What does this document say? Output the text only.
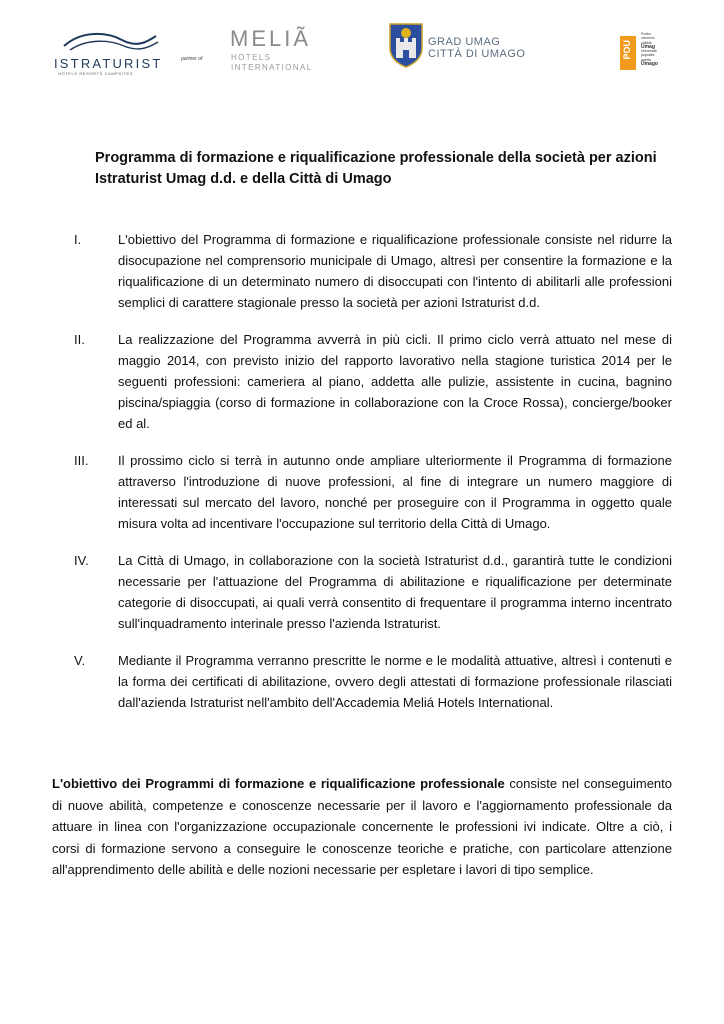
ISTRATURIST
HOTELS RESORTS CAMPSITES
partner of
MELIÃ
HOTELS
INTERNATIONAL
GRAD UMAG
CITTÀ DI UMAGO	POU
Pučko
otvoreno
učilište
Umag
Università
popolare
aperta
Umago
Programma di formazione e riqualificazione professionale della società per azioni Istraturist Umag d.d. e della Città di Umago
I.	L'obiettivo del Programma di formazione e riqualificazione professionale consiste nel ridurre la disocupazione nel comprensorio municipale di Umago, altresì per consentire la formazione e la riqualificazione di un determinato numero di disoccupati con l'intento di abilitarli alle professioni semplici di carattere stagionale presso la società per azioni Istraturist d.d.
II.	La realizzazione del Programma avverrà in più cicli. Il primo ciclo verrà attuato nel mese di maggio 2014, con previsto inizio del rapporto lavorativo nella stagione turistica 2014 per le seguenti professioni: cameriera al piano, addetta alle pulizie, assistente in cucina, bagnino piscina/spiaggia (corso di formazione in collaborazione con la Croce Rossa), concierge/booker ed al.
III. Il prossimo ciclo si terrà in autunno onde ampliare ulteriormente il Programma di formazione attraverso l'introduzione di nuove professioni, al fine di integrare un numero maggiore di interessati sul mercato del lavoro, nonché per proseguire con il Programma in oggetto quale misura volta ad incentivare l'occupazione sul territorio della Città di Umago.
IV. La Città di Umago, in collaborazione con la società Istraturist d.d., garantirà tutte le condizioni necessarie per l'attuazione del Programma di abilitazione e riqualificazione per determinate categorie di disoccupati, ai quali verrà consentito di frequentare il programma interno incentrato sull'inquadramento interinale presso l'azienda Istraturist.
V.	Mediante il Programma verranno prescritte le norme e le modalità attuative, altresì i contenuti e la forma dei certificati di abilitazione, ovvero degli attestati di formazione professionale rilasciati dall'azienda Istraturist nell'ambito dell'Accademia Meliá Hotels International.
L'obiettivo dei Programmi di formazione e riqualificazione professionale consiste nel conseguimento di nuove abilità, competenze e conoscenze necessarie per il lavoro e l'aggiornamento professionale da attuare in linea con l'organizzazione occupazionale concernente le professioni ivi indicate. Oltre a ciò, i corsi di formazione servono a conseguire le conoscenze teoriche e pratiche, con particolare attenzione all'apprendimento delle abilità e delle nozioni necessarie per espletare i lavori di tipo semplice.
